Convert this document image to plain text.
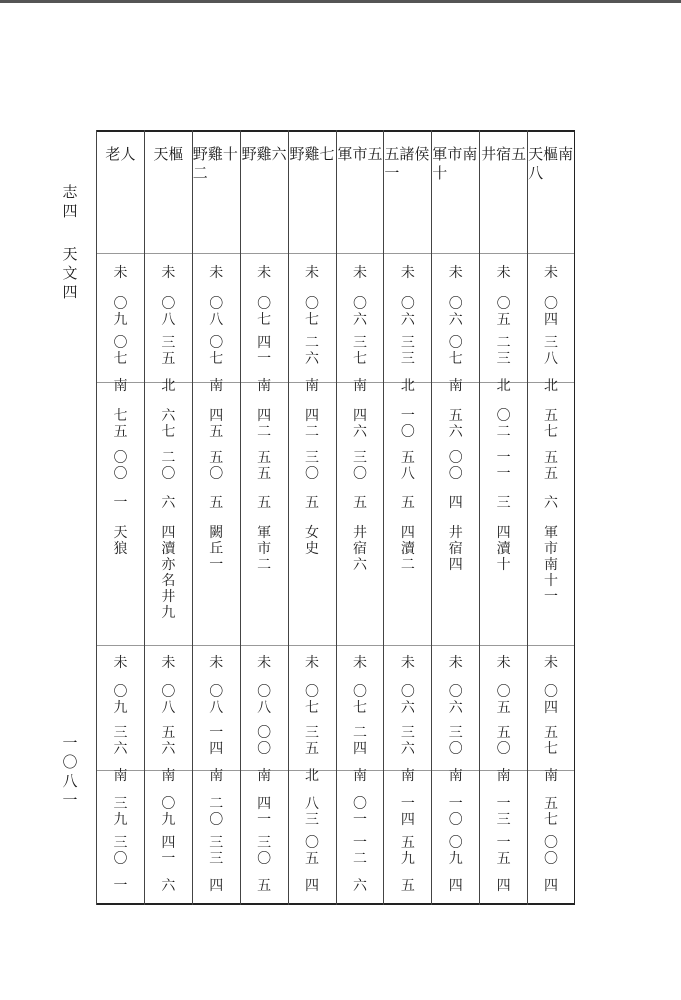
志
四
天
文
四
一
〇
八
一
老人
未
〇
九
〇
七
南
七
五
〇
〇
一
天
狼
未
〇
九
三
六
南
三
九
三
〇
一
天樞
未
〇
八
三
五
北
六
七
二
〇
六
四
瀆
亦
名
井
九
未
〇
八
五
六
南
〇
九
四
一
六
野雞十二
未
〇
八
〇
七
南
四
五
五
〇
五
闕
丘
一
未
〇
八
一
四
南
二
〇
三
三
四
野雞六
未
〇
七
四
一
南
四
二
五
五
五
軍
市
二
未
〇
八
〇
〇
南
四
一
三
〇
五
野雞七
未
〇
七
二
六
南
四
二
三
〇
五
女
史
未
〇
七
三
五
北
八
三
〇
五
四
軍市五
未
〇
六
三
七
南
四
六
三
〇
五
井
宿
六
未
〇
七
二
四
南
〇
一
一
二
六
五諸侯一
未
〇
六
三
三
北
一
〇
五
八
五
四
瀆
二
未
〇
六
三
六
南
一
四
五
九
五
軍市南十
未
〇
六
〇
七
南
五
六
〇
〇
四
井
宿
四
未
〇
六
三
〇
南
一
〇
〇
九
四
井宿五
未
〇
五
二
三
北
〇
二
一
一
三
四
瀆
十
未
〇
五
五
〇
南
一
三
一
五
四
天樞南八
未
〇
四
三
八
北
五
七
五
五
六
軍
市
南
十
一
未
〇
四
五
七
南
五
七
〇
〇
四
